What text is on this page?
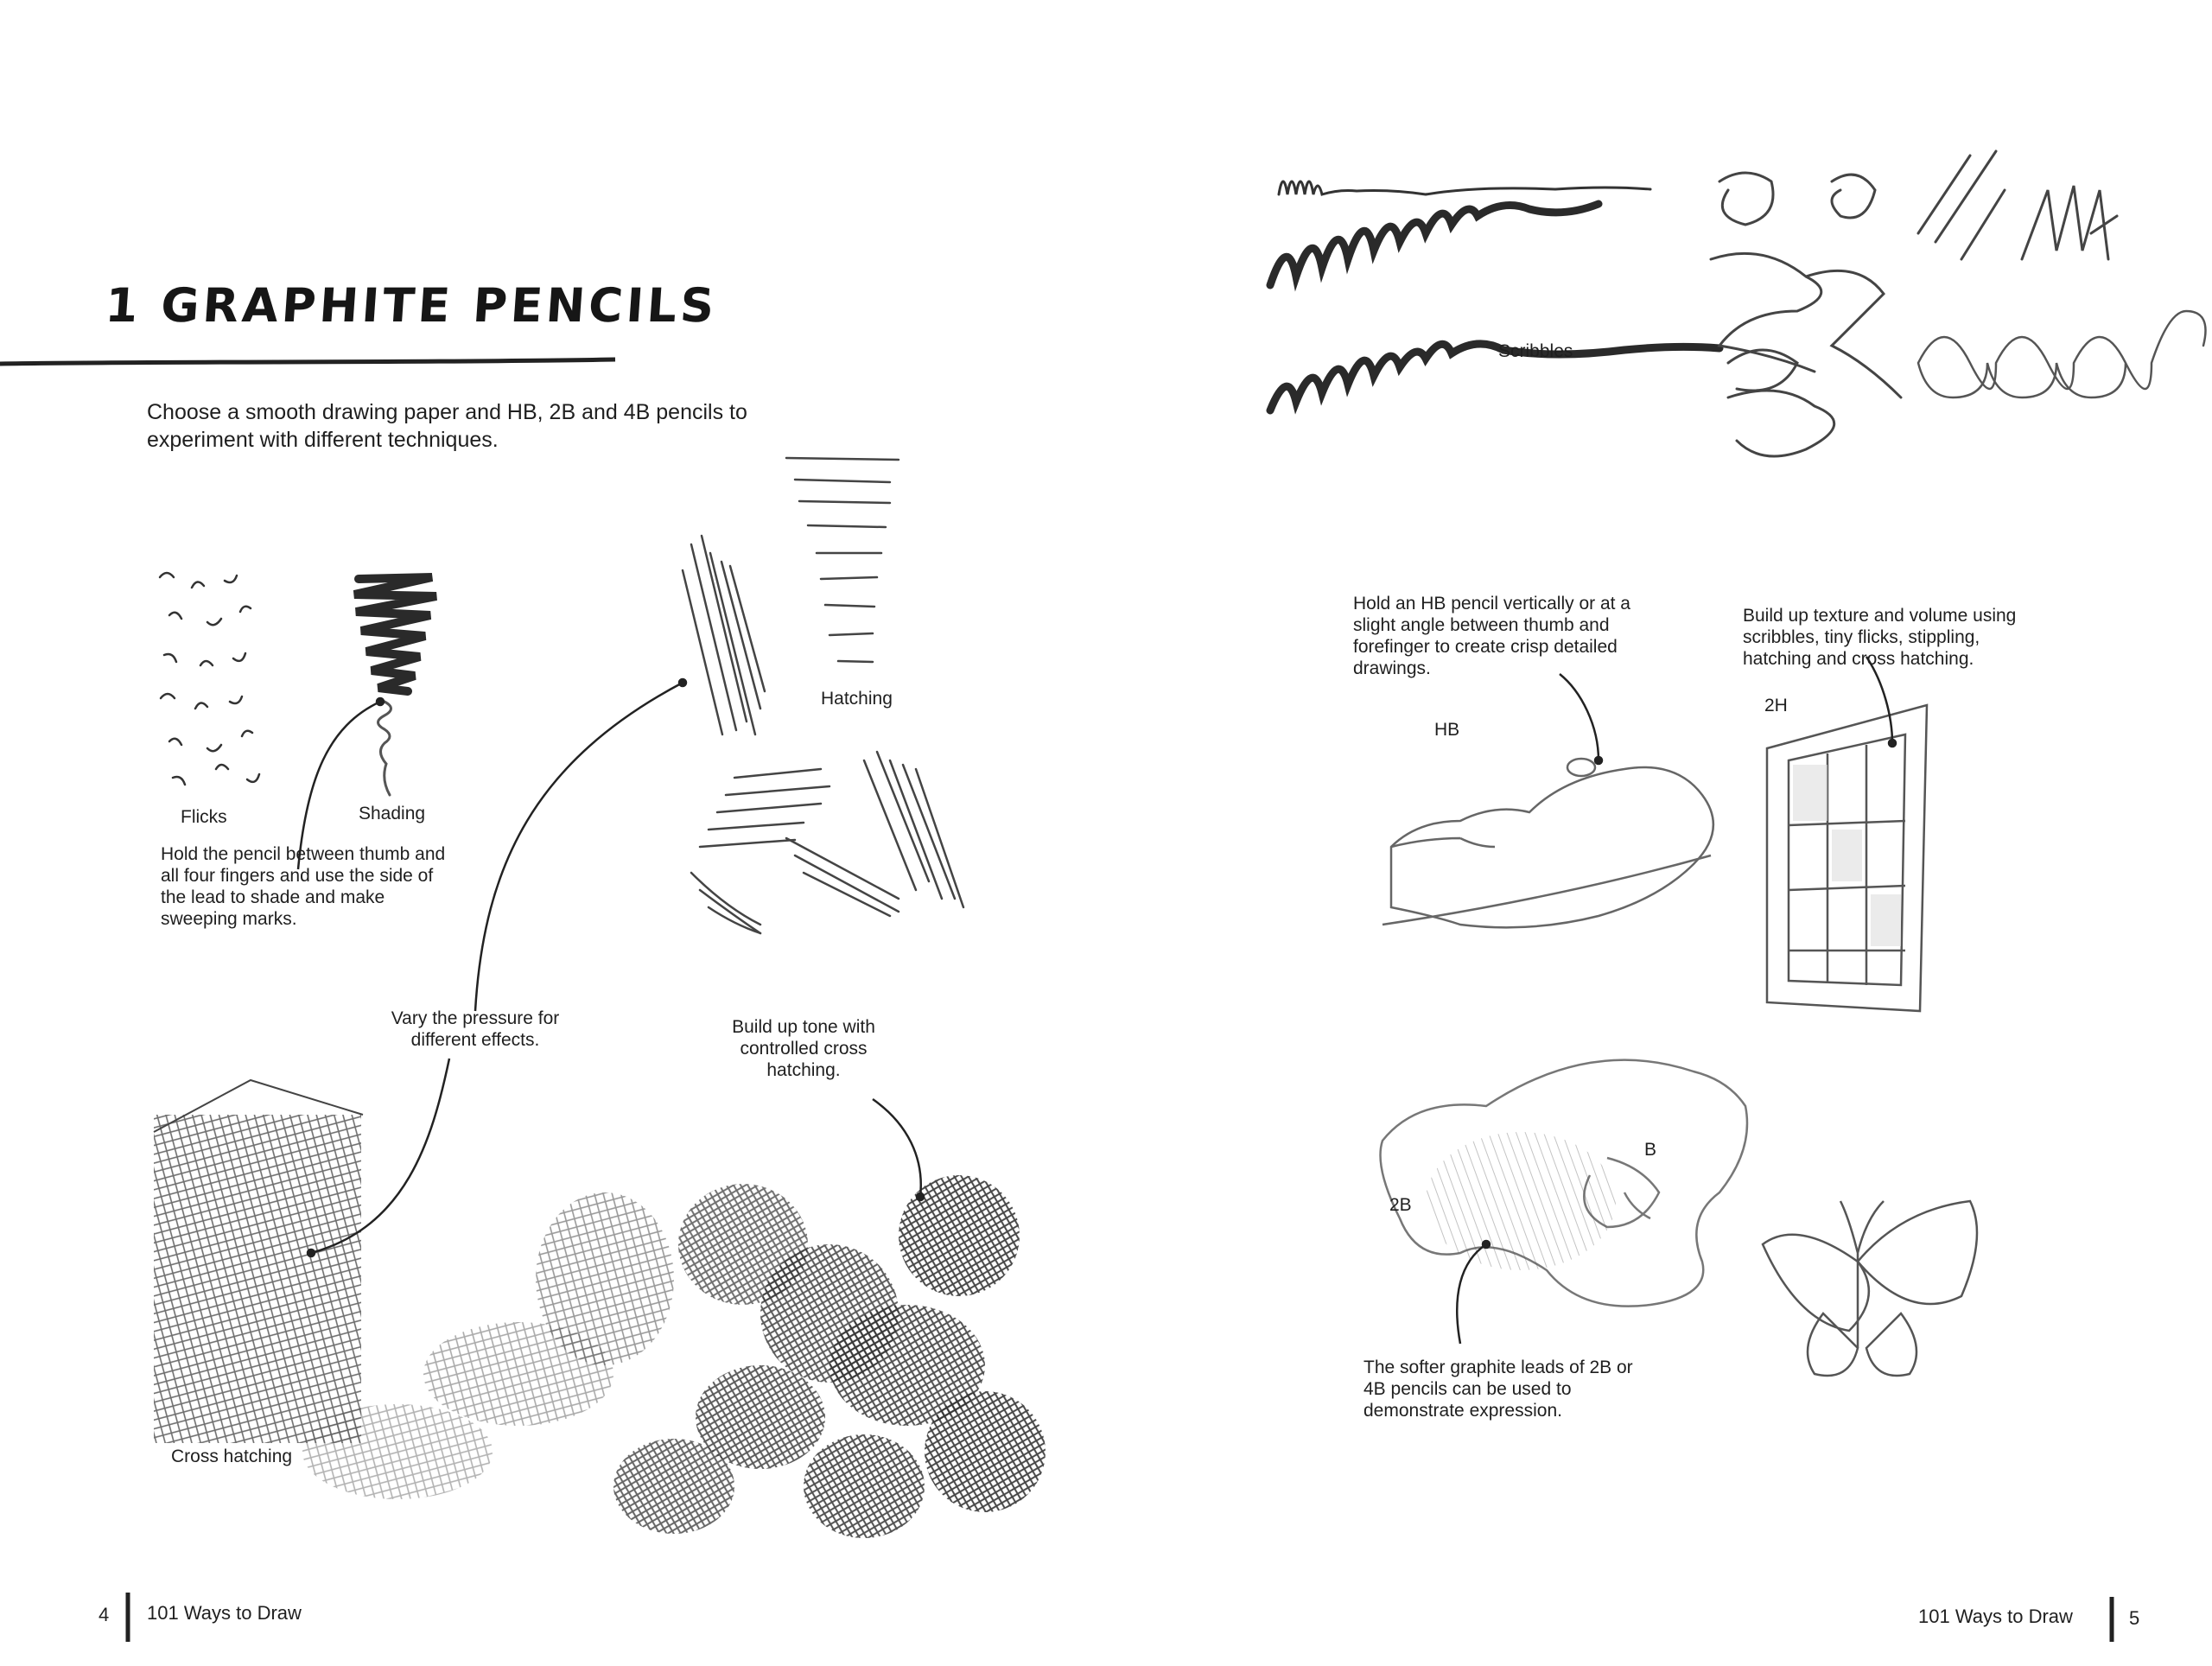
1 GRAPHITE PENCILS
Choose a smooth drawing paper and HB, 2B and 4B pencils to experiment with different techniques.
Flicks	Shading
Hatching
Cross hatching
Hold the pencil between thumb and all four fingers and use the side of the lead to shade and make sweeping marks.
Vary the pressure for different effects.
Build up tone with controlled cross hatching.
4 101 Ways to Draw
Scribbles
Hold an HB pencil vertically or at a slight angle between thumb and forefinger to create crisp detailed drawings.
Build up texture and volume using scribbles, tiny flicks, stippling, hatching and cross hatching.
HB
2H
B
2B
The softer graphite leads of 2B or 4B pencils can be used to demonstrate expression.
101 Ways to Draw	5
